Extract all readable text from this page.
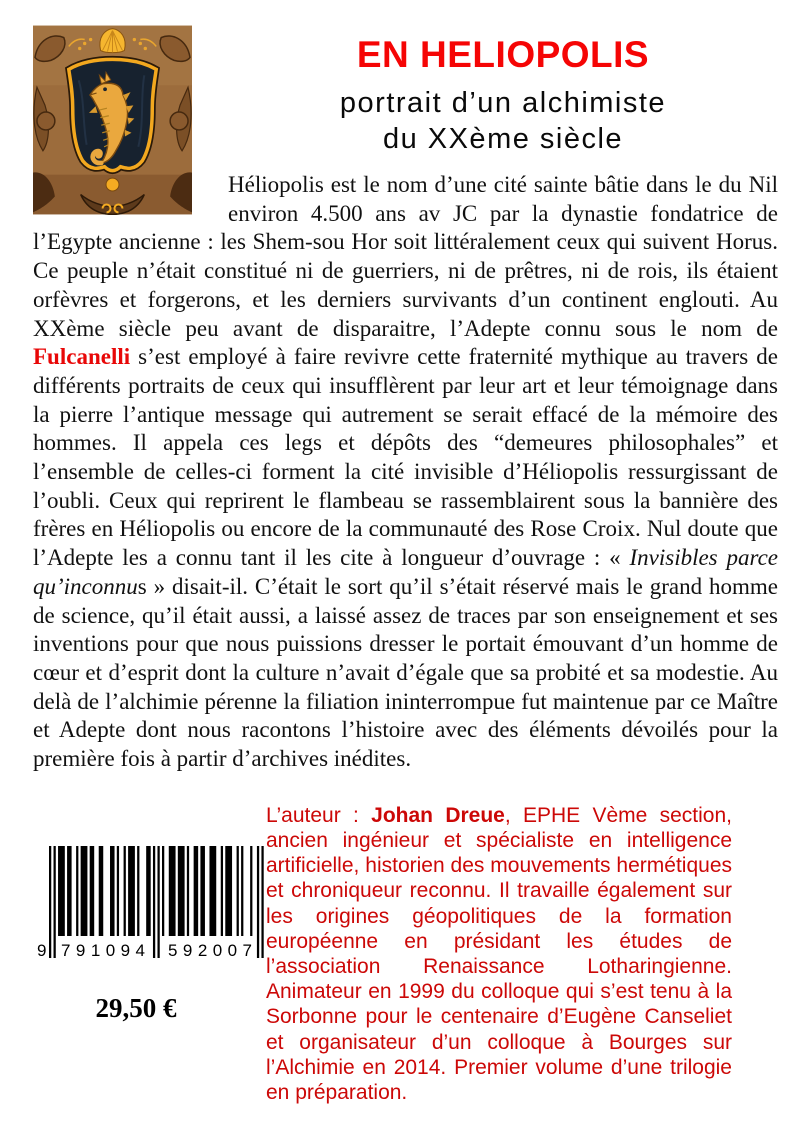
EN HELIOPOLIS
portrait d’un alchimiste
du XXème siècle

Héliopolis est le nom d’une cité sainte bâtie dans le du Nil environ 4.500 ans av JC par la dynastie fondatrice de l’Egypte ancienne : les Shem-sou Hor soit littéralement ceux qui suivent Horus. Ce peuple n’était constitué ni de guerriers, ni de prêtres, ni de rois, ils étaient orfèvres et forgerons, et les derniers survivants d’un continent englouti. Au XXème siècle peu avant de disparaitre, l’Adepte connu sous le nom de Fulcanelli s’est employé à faire revivre cette fraternité mythique au travers de différents portraits de ceux qui insufflèrent par leur art et leur témoignage dans la pierre l’antique message qui autrement se serait effacé de la mémoire des hommes. Il appela ces legs et dépôts des “demeures philosophales” et l’ensemble de celles-ci forment la cité invisible d’Héliopolis ressurgissant de l’oubli. Ceux qui reprirent le flambeau se rassemblairent sous la bannière des frères en Héliopolis ou encore de la communauté des Rose Croix. Nul doute que l’Adepte les a connu tant il les cite à longueur d’ouvrage : « Invisibles parce qu’inconnus » disait-il. C’était le sort qu’il s’était réservé mais le grand homme de science, qu’il était aussi, a laissé assez de traces par son enseignement et ses inventions pour que nous puissions dresser le portait émouvant d’un homme de cœur et d’esprit dont la culture n’avait d’égale que sa probité et sa modestie. Au delà de l’alchimie pérenne la filiation ininterrompue fut maintenue par ce Maître et Adepte dont nous racontons l’histoire avec des éléments dévoilés pour la première fois à partir d’archives inédites.

9 791094 592007
29,50 €

L’auteur : Johan Dreue, EPHE Vème section, ancien ingénieur et spécialiste en intelligence artificielle, historien des mouvements hermétiques et chroniqueur reconnu. Il travaille également sur les origines géopolitiques de la formation européenne en présidant les études de l’association Renaissance Lotharingienne. Animateur en 1999 du colloque qui s’est tenu à la Sorbonne pour le centenaire d’Eugène Canseliet et organisateur d’un colloque à Bourges sur l’Alchimie en 2014. Premier volume d’une trilogie en préparation.
